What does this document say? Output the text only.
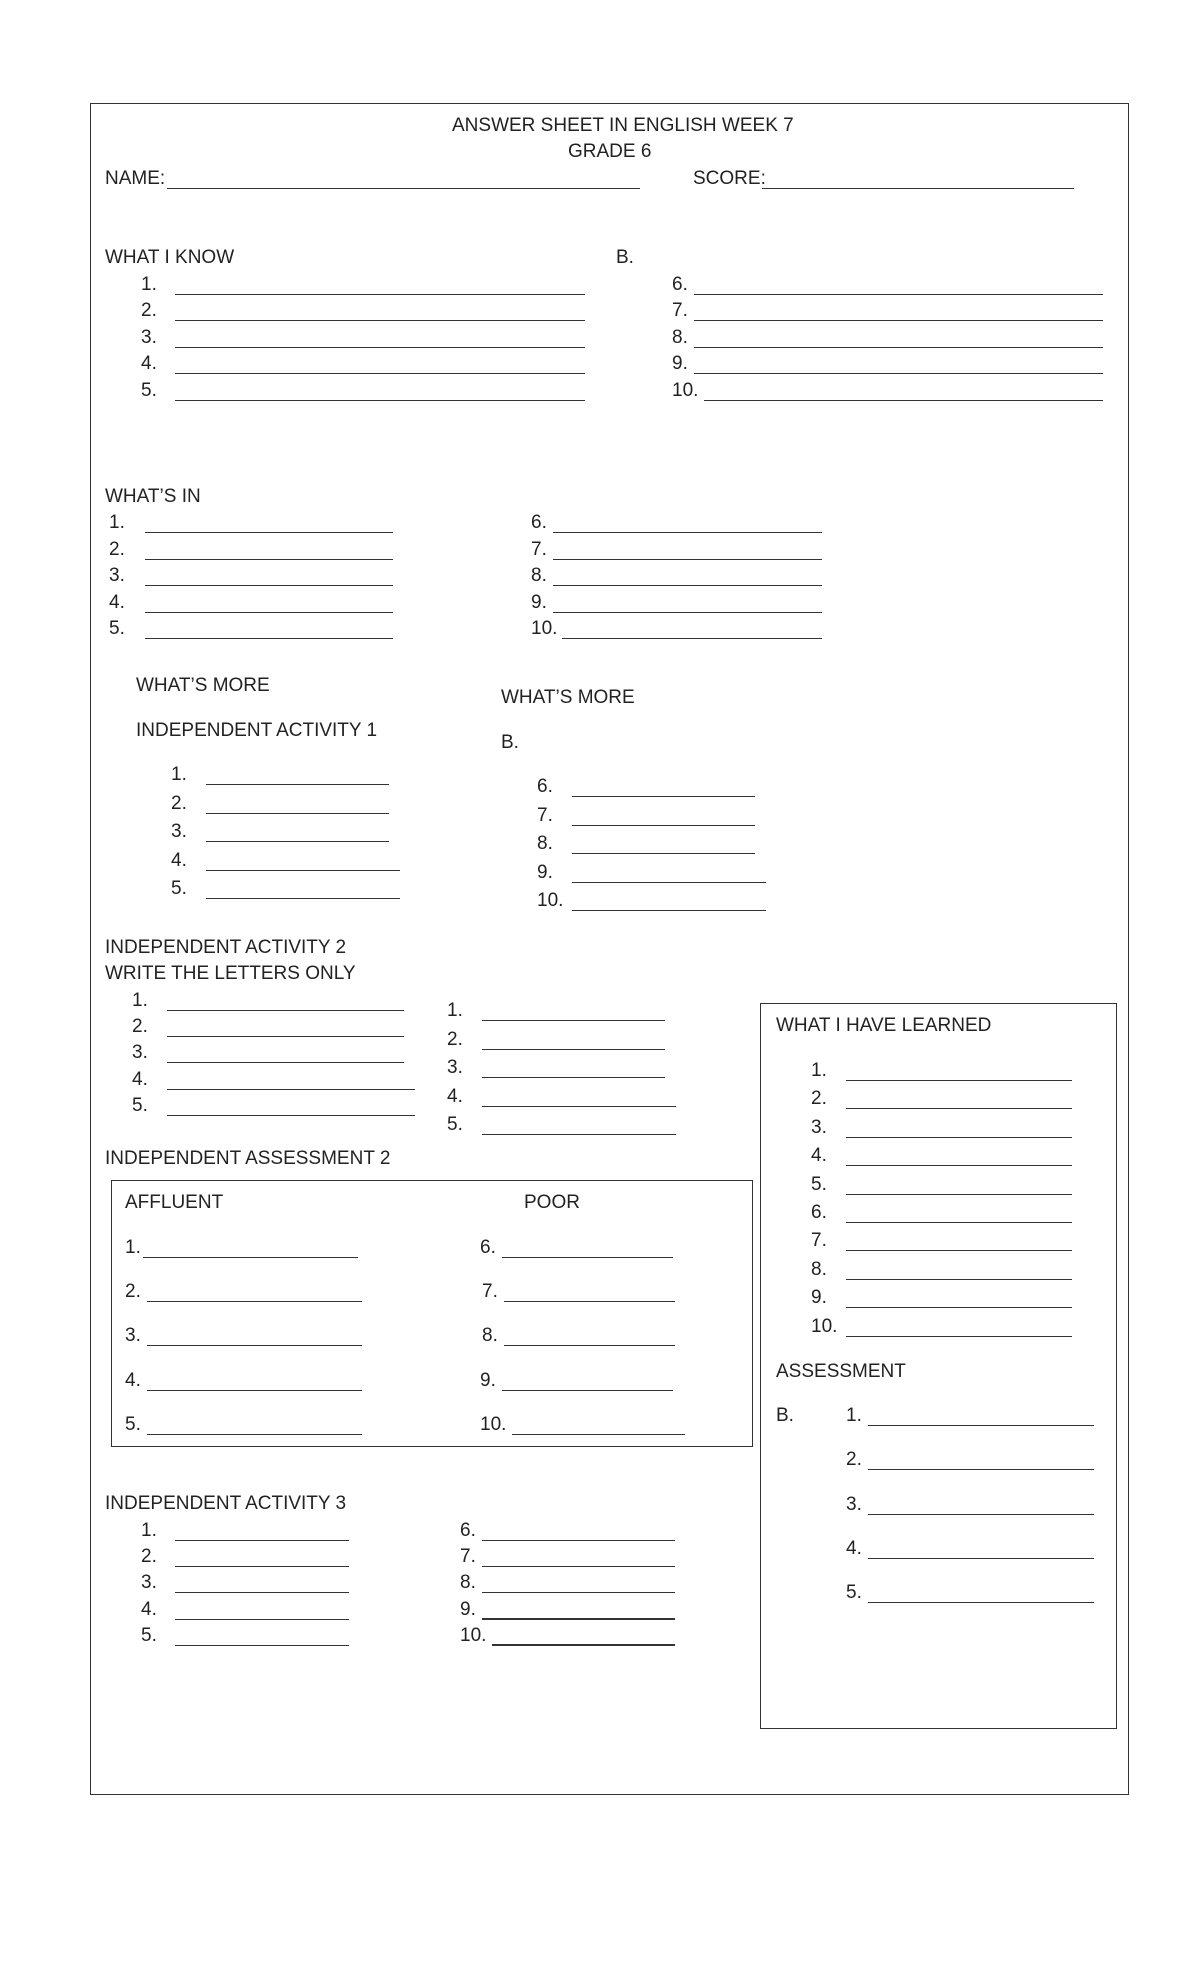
ANSWER SHEET IN ENGLISH WEEK 7
GRADE 6
NAME:	SCORE:
WHAT I KNOW	B.
1.
2.
3.
4.
5.
6.
7.
8.
9.
10.
WHAT’S IN
1.
2.
3.
4.
5.
6.
7.
8.
9.
10.
WHAT’S MORE
INDEPENDENT ACTIVITY 1
1.
2.
3.
4.
5.
WHAT’S MORE
B.
6.
7.
8.
9.
10.
INDEPENDENT ACTIVITY 2
WRITE THE LETTERS ONLY
1.
2.
3.
4.
5.
1.
2.
3.
4.
5.
INDEPENDENT ASSESSMENT 2
AFFLUENT	POOR
1.
2.
3.
4.
5.
6.
7.
8.
9.
10.
INDEPENDENT ACTIVITY 3
1.
2.
3.
4.
5.
6.
7.
8.
9.
10.
WHAT I HAVE LEARNED
1.
2.
3.
4.
5.
6.
7.
8.
9.
10.
ASSESSMENT
B.	1.
2.
3.
4.
5.
